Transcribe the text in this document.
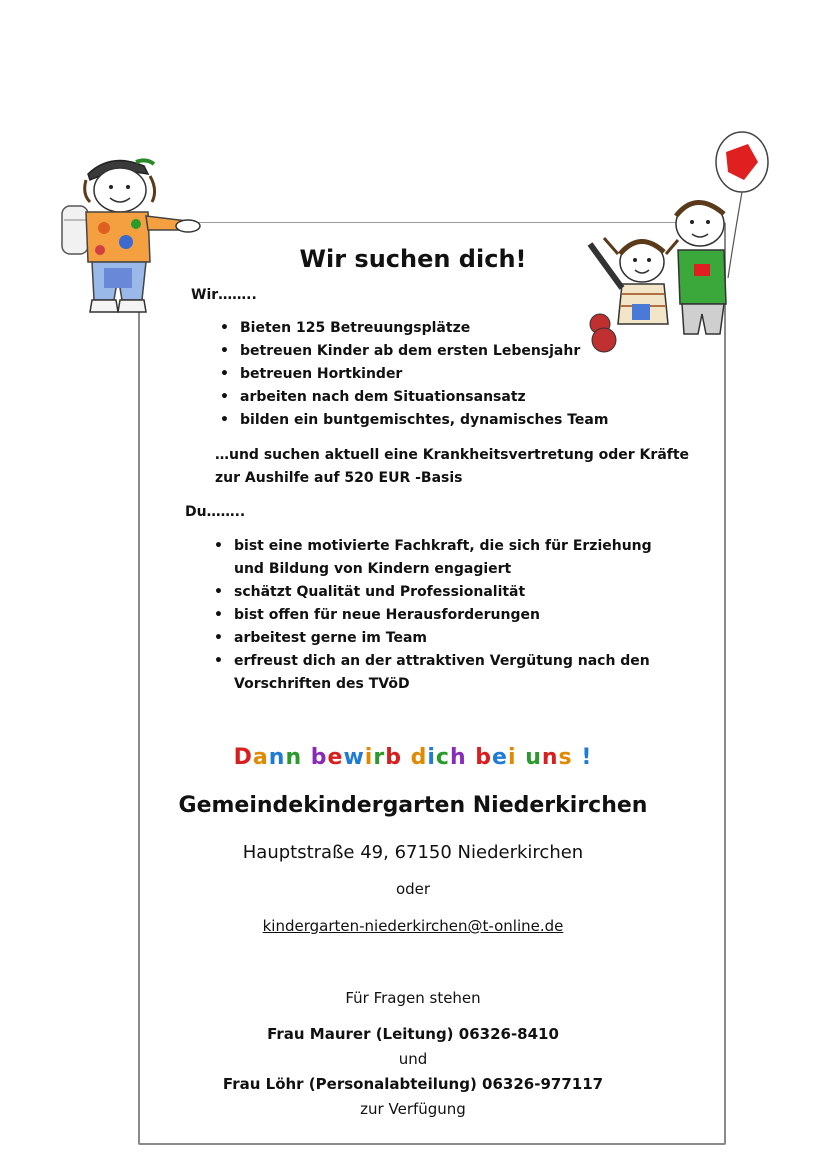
Wir suchen dich!
Wir……..
• Bieten 125 Betreuungsplätze
• betreuen Kinder ab dem ersten Lebensjahr
• betreuen Hortkinder
• arbeiten nach dem Situationsansatz
• bilden ein buntgemischtes, dynamisches Team
…und suchen aktuell eine Krankheitsvertretung oder Kräfte
zur Aushilfe auf 520 EUR -Basis
Du……..
• bist eine motivierte Fachkraft, die sich für Erziehung
und Bildung von Kindern engagiert
• schätzt Qualität und Professionalität
• bist offen für neue Herausforderungen
• arbeitest gerne im Team
• erfreust dich an der attraktiven Vergütung nach den
Vorschriften des TVöD
Dann bewirb dich bei uns !
Gemeindekindergarten Niederkirchen
Hauptstraße 49, 67150 Niederkirchen
oder
kindergarten-niederkirchen@t-online.de
Für Fragen stehen
Frau Maurer (Leitung) 06326-8410
und
Frau Löhr (Personalabteilung) 06326-977117
zur Verfügung
